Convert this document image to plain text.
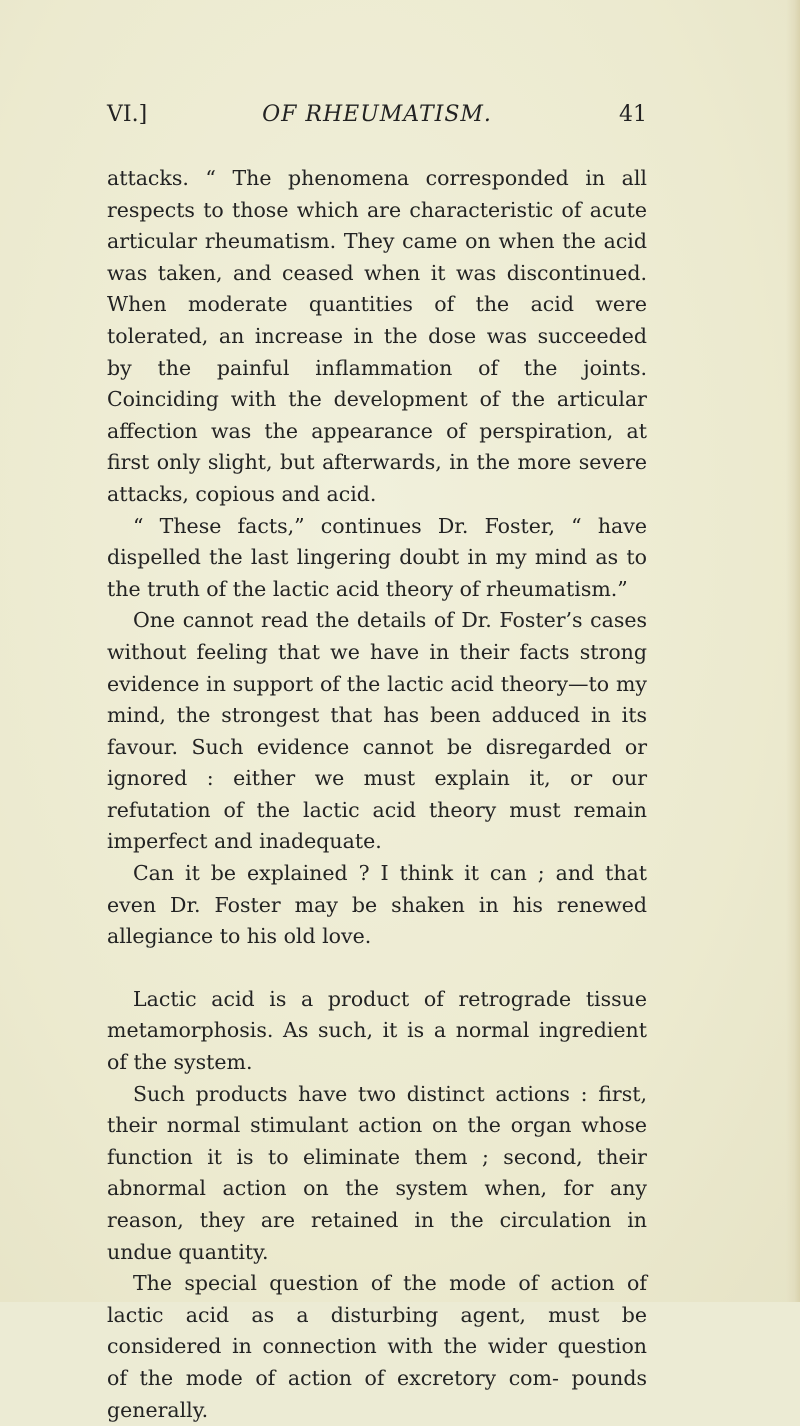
VI.]	OF RHEUMATISM.	41

attacks. “ The phenomena corresponded in all respects to those which are characteristic of acute articular rheumatism. They came on when the acid was taken, and ceased when it was discontinued. When moderate quantities of the acid were tolerated, an increase in the dose was succeeded by the painful inflammation of the joints. Coinciding with the development of the articular affection was the appearance of perspiration, at first only slight, but afterwards, in the more severe attacks, copious and acid.

“ These facts,” continues Dr. Foster, “ have dispelled the last lingering doubt in my mind as to the truth of the lactic acid theory of rheumatism.”

One cannot read the details of Dr. Foster’s cases without feeling that we have in their facts strong evidence in support of the lactic acid theory—to my mind, the strongest that has been adduced in its favour. Such evidence cannot be disregarded or ignored : either we must explain it, or our refutation of the lactic acid theory must remain imperfect and inadequate.

Can it be explained ? I think it can ; and that even Dr. Foster may be shaken in his renewed allegiance to his old love.

Lactic acid is a product of retrograde tissue metamorphosis. As such, it is a normal ingredient of the system.

Such products have two distinct actions : first, their normal stimulant action on the organ whose function it is to eliminate them ; second, their abnormal action on the system when, for any reason, they are retained in the circulation in undue quantity.

The special question of the mode of action of lactic acid as a disturbing agent, must be considered in connection with the wider question of the mode of action of excretory com- pounds generally.
